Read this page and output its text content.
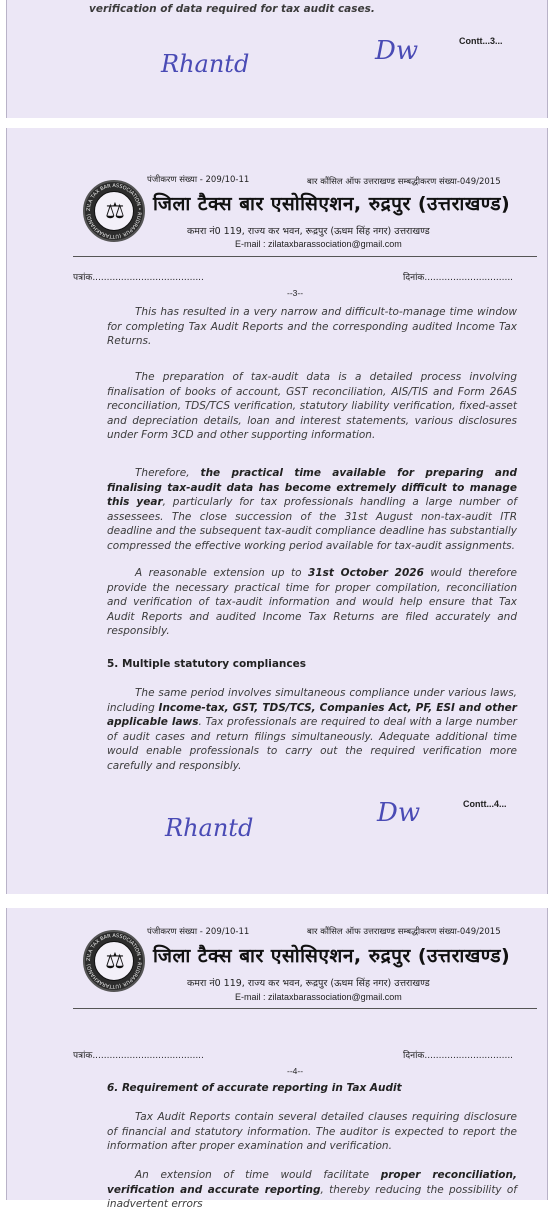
verification of data required for tax audit cases.
Contt...3...
Rhantd	Dw
पंजीकरण संख्या - 209/10-11	बार कौंसिल ऑफ उत्तराखण्ड सम्बद्धीकरण संख्या-049/2015
ZILA TAX BAR ASSOCIATION • RUDRAPUR (UTTARAKHAND) ⚖	जिला टैक्स बार एसोसिएशन, रुद्रपुर (उत्तराखण्ड)
कमरा नं0 119, राज्य कर भवन, रूद्रपुर (ऊधम सिंह नगर) उत्तराखण्ड
E-mail : zilataxbarassociation@gmail.com
पत्रांक.......................................	दिनांक...............................
--3--
This has resulted in a very narrow and difficult-to-manage time window for completing Tax Audit Reports and the corresponding audited Income Tax Returns.
The preparation of tax-audit data is a detailed process involving finalisation of books of account, GST reconciliation, AIS/TIS and Form 26AS reconciliation, TDS/TCS verification, statutory liability verification, fixed-asset and depreciation details, loan and interest statements, various disclosures under Form 3CD and other supporting information.
Therefore, the practical time available for preparing and finalising tax-audit data has become extremely difficult to manage this year, particularly for tax professionals handling a large number of assessees. The close succession of the 31st August non-tax-audit ITR deadline and the subsequent tax-audit compliance deadline has substantially compressed the effective working period available for tax-audit assignments.
A reasonable extension up to 31st October 2026 would therefore provide the necessary practical time for proper compilation, reconciliation and verification of tax-audit information and would help ensure that Tax Audit Reports and audited Income Tax Returns are filed accurately and responsibly.
5. Multiple statutory compliances
The same period involves simultaneous compliance under various laws, including Income-tax, GST, TDS/TCS, Companies Act, PF, ESI and other applicable laws. Tax professionals are required to deal with a large number of audit cases and return filings simultaneously. Adequate additional time would enable professionals to carry out the required verification more carefully and responsibly.
Contt...4...
Rhantd	Dw
पंजीकरण संख्या - 209/10-11	बार कौंसिल ऑफ उत्तराखण्ड सम्बद्धीकरण संख्या-049/2015
ZILA TAX BAR ASSOCIATION • RUDRAPUR (UTTARAKHAND) ⚖	जिला टैक्स बार एसोसिएशन, रुद्रपुर (उत्तराखण्ड)
कमरा नं0 119, राज्य कर भवन, रूद्रपुर (ऊधम सिंह नगर) उत्तराखण्ड
E-mail : zilataxbarassociation@gmail.com
पत्रांक.......................................	दिनांक...............................
--4--
6. Requirement of accurate reporting in Tax Audit
Tax Audit Reports contain several detailed clauses requiring disclosure of financial and statutory information. The auditor is expected to report the information after proper examination and verification.
An extension of time would facilitate proper reconciliation, verification and accurate reporting, thereby reducing the possibility of inadvertent errors
